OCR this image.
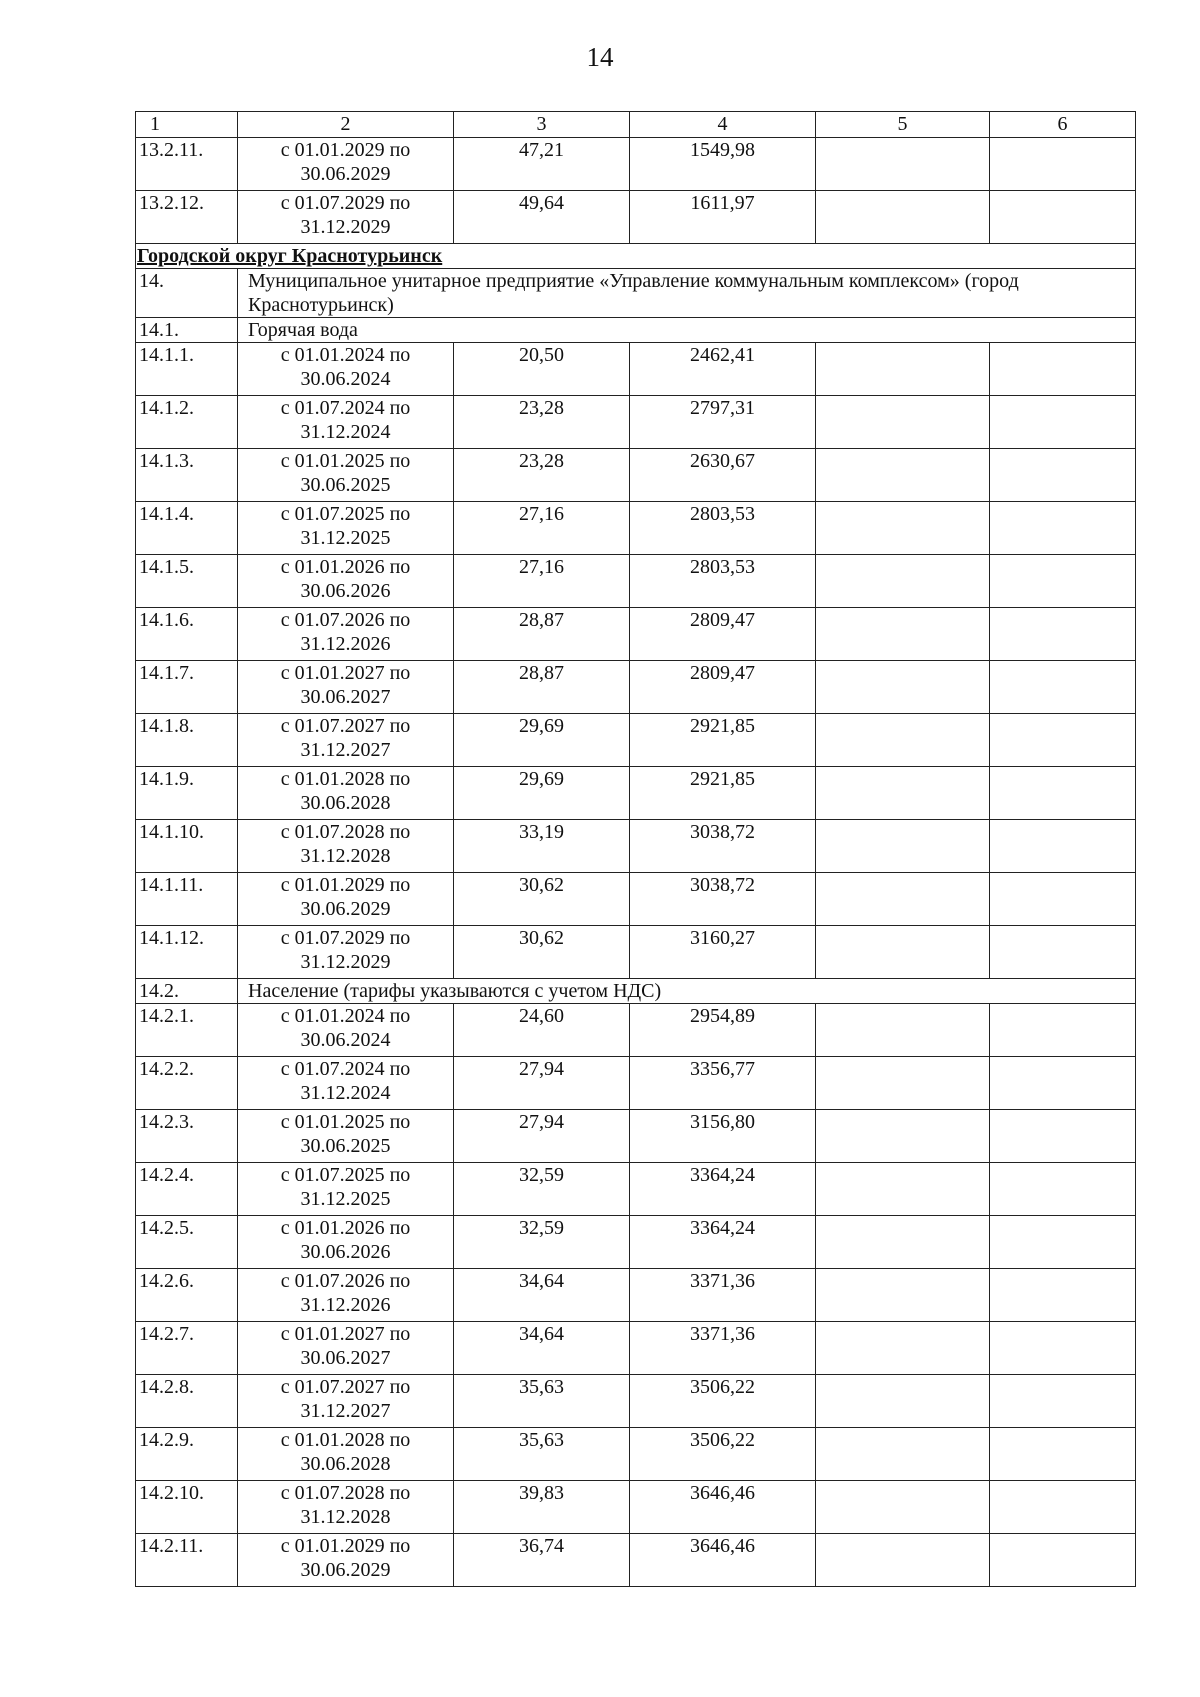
14
1	2	3	4	5	6
13.2.11.	с 01.01.2029 по 30.06.2029	47,21	1549,98		
13.2.12.	с 01.07.2029 по 31.12.2029	49,64	1611,97		
Городской округ Краснотурьинск					
14.	Муниципальное унитарное предприятие «Управление коммунальным комплексом» (город Краснотурьинск)				
14.1.	Горячая вода				
14.1.1.	с 01.01.2024 по 30.06.2024	20,50	2462,41		
14.1.2.	с 01.07.2024 по 31.12.2024	23,28	2797,31		
14.1.3.	с 01.01.2025 по 30.06.2025	23,28	2630,67		
14.1.4.	с 01.07.2025 по 31.12.2025	27,16	2803,53		
14.1.5.	с 01.01.2026 по 30.06.2026	27,16	2803,53		
14.1.6.	с 01.07.2026 по 31.12.2026	28,87	2809,47		
14.1.7.	с 01.01.2027 по 30.06.2027	28,87	2809,47		
14.1.8.	с 01.07.2027 по 31.12.2027	29,69	2921,85		
14.1.9.	с 01.01.2028 по 30.06.2028	29,69	2921,85		
14.1.10.	с 01.07.2028 по 31.12.2028	33,19	3038,72		
14.1.11.	с 01.01.2029 по 30.06.2029	30,62	3038,72		
14.1.12.	с 01.07.2029 по 31.12.2029	30,62	3160,27		
14.2.	Население (тарифы указываются с учетом НДС)				
14.2.1.	с 01.01.2024 по 30.06.2024	24,60	2954,89		
14.2.2.	с 01.07.2024 по 31.12.2024	27,94	3356,77		
14.2.3.	с 01.01.2025 по 30.06.2025	27,94	3156,80		
14.2.4.	с 01.07.2025 по 31.12.2025	32,59	3364,24		
14.2.5.	с 01.01.2026 по 30.06.2026	32,59	3364,24		
14.2.6.	с 01.07.2026 по 31.12.2026	34,64	3371,36		
14.2.7.	с 01.01.2027 по 30.06.2027	34,64	3371,36		
14.2.8.	с 01.07.2027 по 31.12.2027	35,63	3506,22		
14.2.9.	с 01.01.2028 по 30.06.2028	35,63	3506,22		
14.2.10.	с 01.07.2028 по 31.12.2028	39,83	3646,46		
14.2.11.	с 01.01.2029 по 30.06.2029	36,74	3646,46		
